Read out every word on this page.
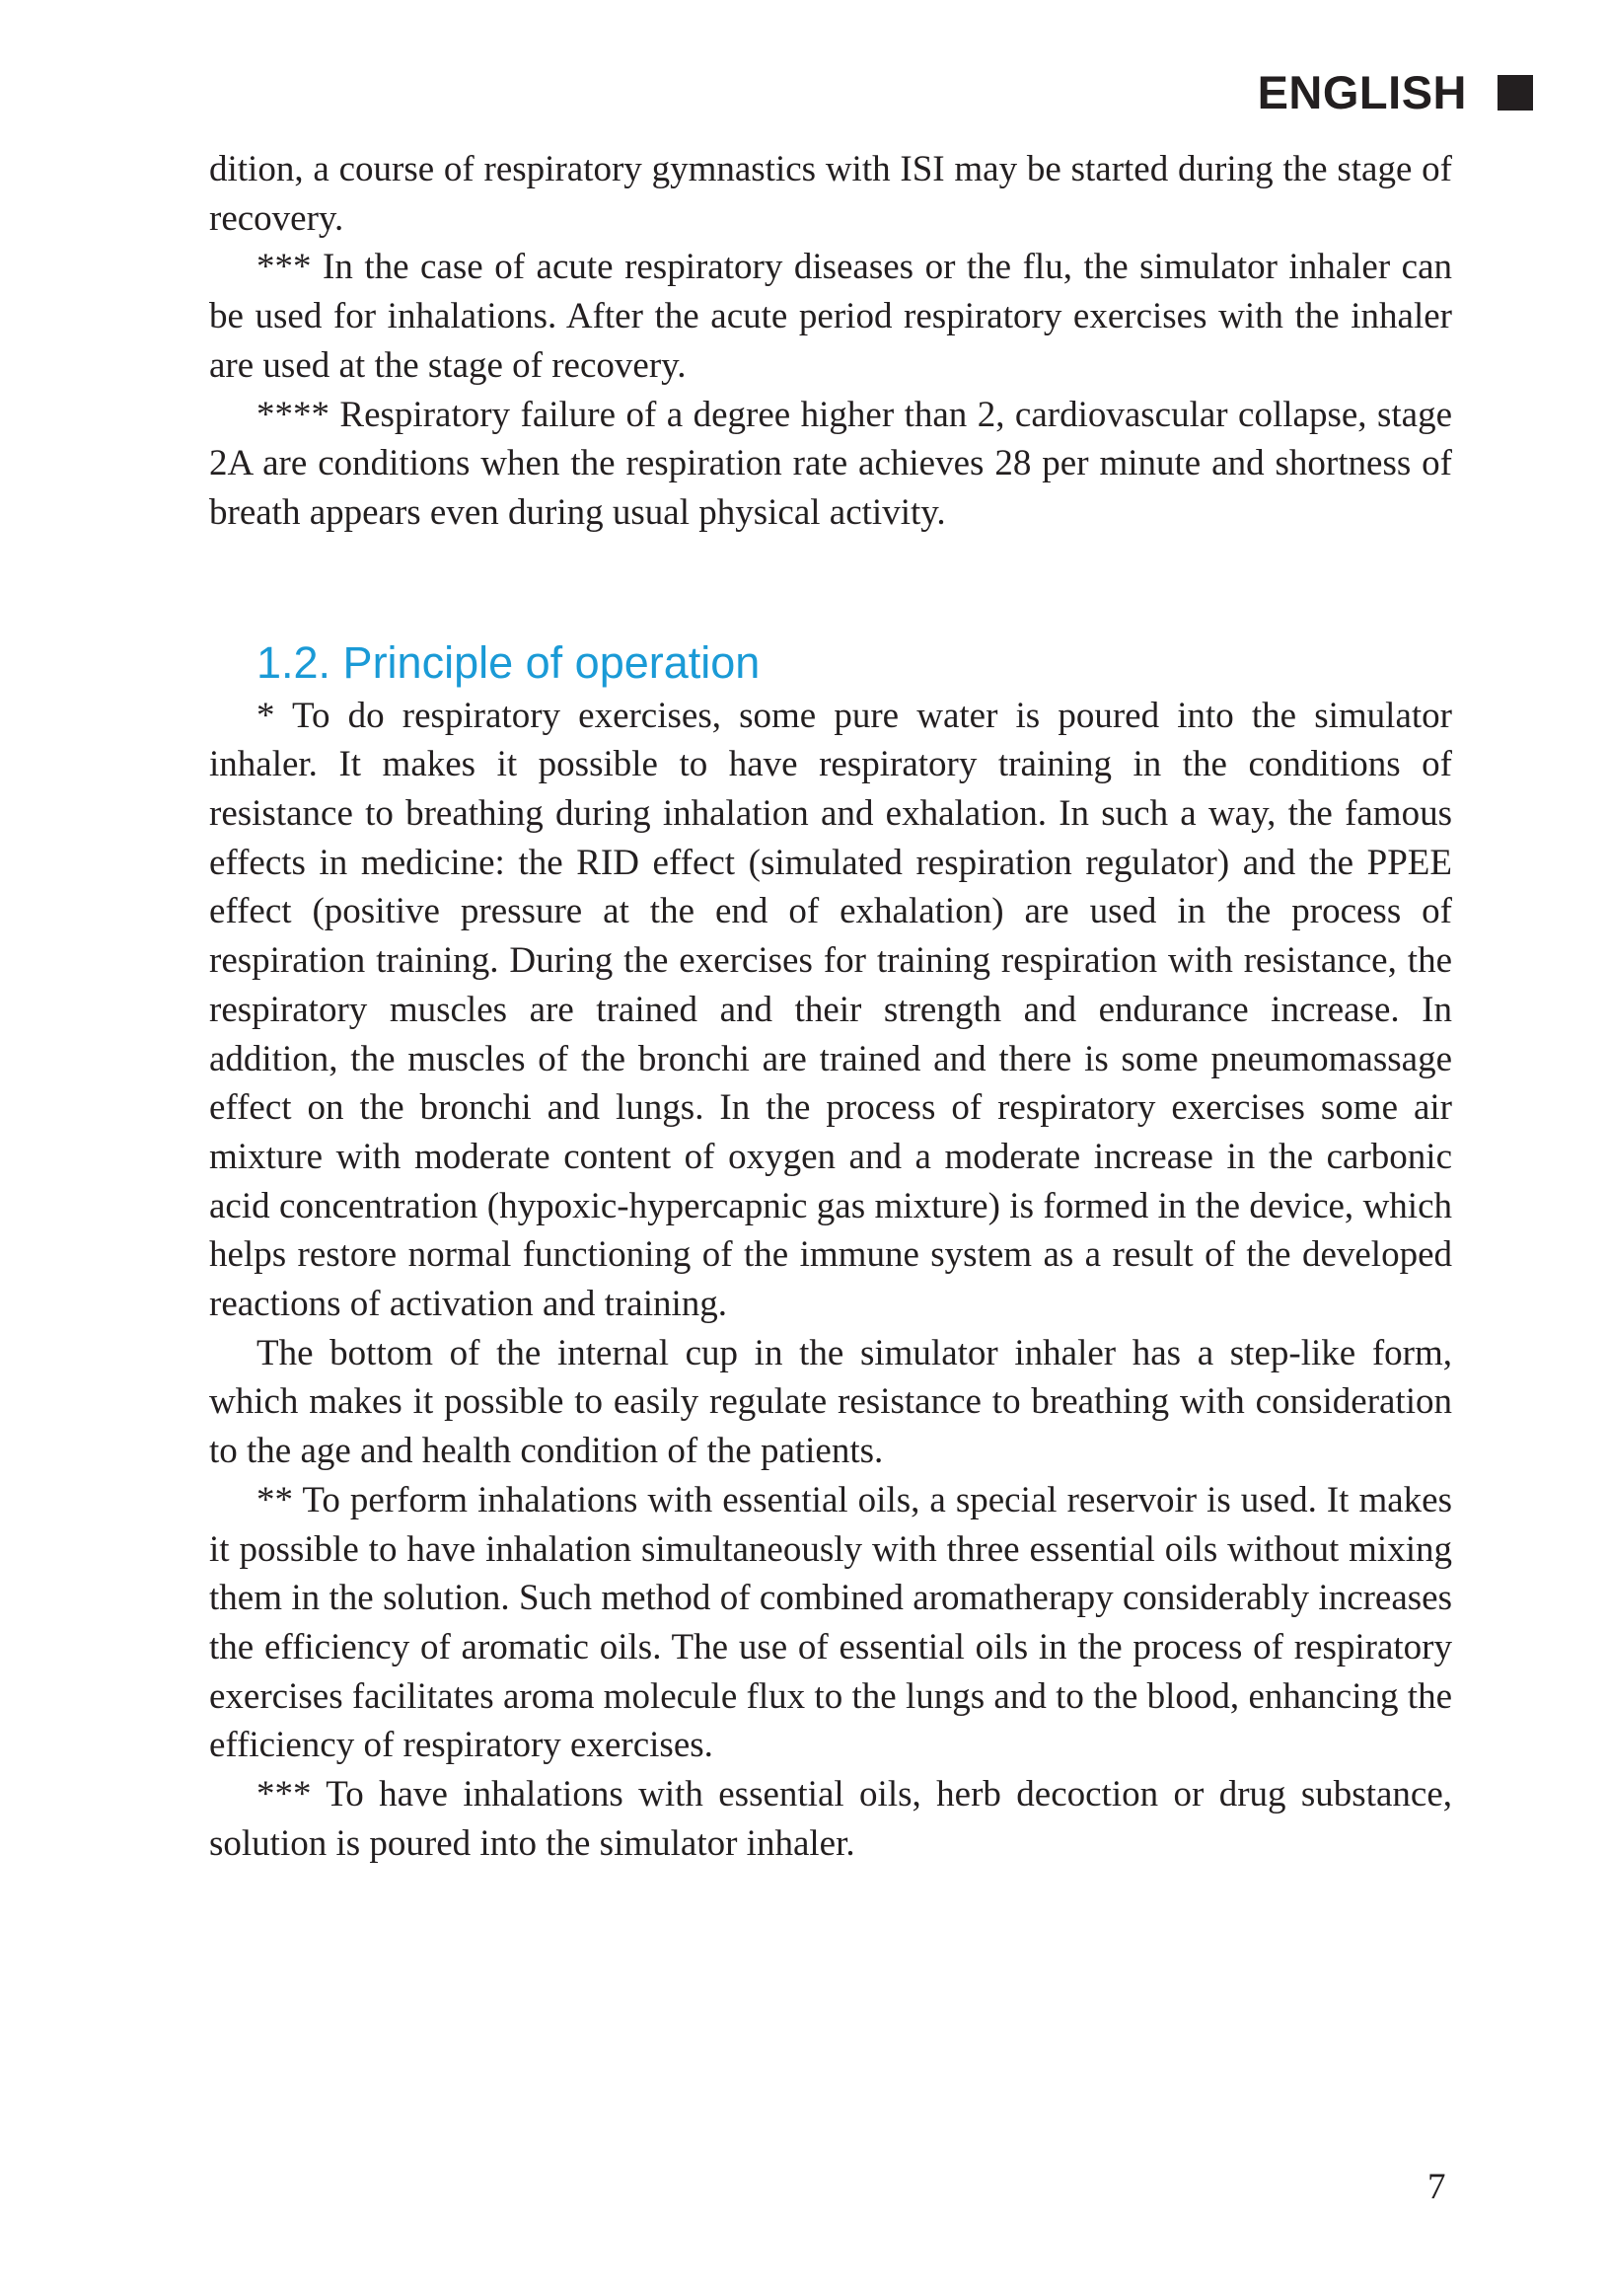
ENGLISH

dition, a course of respiratory gymnastics with ISI may be started during the stage of recovery.

*** In the case of acute respiratory diseases or the flu, the simulator inhaler can be used for inhalations. After the acute period respiratory exercises with the inhaler are used at the stage of recovery.

**** Respiratory failure of a degree higher than 2, cardiovascular collapse, stage 2A are conditions when the respiration rate achieves 28 per minute and shortness of breath appears even during usual physical activity.

1.2. Principle of operation

* To do respiratory exercises, some pure water is poured into the simulator inhaler. It makes it possible to have respiratory training in the conditions of resistance to breathing during inhalation and exhalation. In such a way, the famous effects in medicine: the RID effect (simulated respiration regulator) and the PPEE effect (positive pressure at the end of exhalation) are used in the process of respiration training. During the exercises for training respiration with resistance, the respiratory muscles are trained and their strength and endurance increase. In addition, the muscles of the bronchi are trained and there is some pneumomassage effect on the bronchi and lungs. In the process of respiratory exercises some air mixture with moderate content of oxygen and a moderate increase in the carbonic acid concentration (hypoxic-​hypercapnic gas mixture) is formed in the device, which helps restore normal functioning of the immune system as a result of the developed reactions of activation and training.

The bottom of the internal cup in the simulator inhaler has a step-like form, which makes it possible to easily regulate resistance to breathing with consideration to the age and health condition of the patients.

** To perform inhalations with essential oils, a special reservoir is used. It makes it possible to have inhalation simultaneously with three essential oils without mixing them in the solution. Such method of combined aromatherapy considerably increases the efficiency of aromatic oils. The use of essential oils in the process of respiratory exercises facilitates aroma molecule flux to the lungs and to the blood, enhancing the efficiency of respiratory exercises.

*** To have inhalations with essential oils, herb decoction or drug substance, solution is poured into the simulator inhaler.

7
